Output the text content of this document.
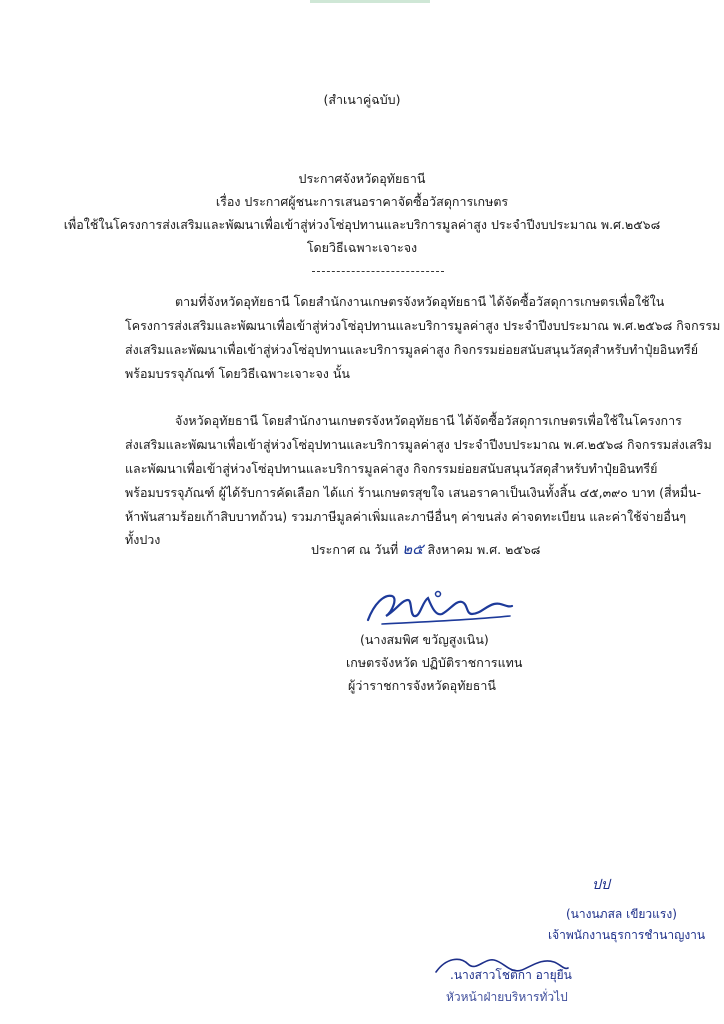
(สำเนาคู่ฉบับ)
ประกาศจังหวัดอุทัยธานี
เรื่อง ประกาศผู้ชนะการเสนอราคาจัดซื้อวัสดุการเกษตร
เพื่อใช้ในโครงการส่งเสริมและพัฒนาเพื่อเข้าสู่ห่วงโซ่อุปทานและบริการมูลค่าสูง ประจำปีงบประมาณ พ.ศ.๒๕๖๘
โดยวิธีเฉพาะเจาะจง
ตามที่จังหวัดอุทัยธานี โดยสำนักงานเกษตรจังหวัดอุทัยธานี ได้จัดซื้อวัสดุการเกษตรเพื่อใช้ใน
โครงการส่งเสริมและพัฒนาเพื่อเข้าสู่ห่วงโซ่อุปทานและบริการมูลค่าสูง ประจำปีงบประมาณ พ.ศ.๒๕๖๘ กิจกรรม
ส่งเสริมและพัฒนาเพื่อเข้าสู่ห่วงโซ่อุปทานและบริการมูลค่าสูง กิจกรรมย่อยสนับสนุนวัสดุสำหรับทำปุ๋ยอินทรีย์
พร้อมบรรจุภัณฑ์ โดยวิธีเฉพาะเจาะจง นั้น
จังหวัดอุทัยธานี โดยสำนักงานเกษตรจังหวัดอุทัยธานี ได้จัดซื้อวัสดุการเกษตรเพื่อใช้ในโครงการ
ส่งเสริมและพัฒนาเพื่อเข้าสู่ห่วงโซ่อุปทานและบริการมูลค่าสูง ประจำปีงบประมาณ พ.ศ.๒๕๖๘ กิจกรรมส่งเสริม
และพัฒนาเพื่อเข้าสู่ห่วงโซ่อุปทานและบริการมูลค่าสูง กิจกรรมย่อยสนับสนุนวัสดุสำหรับทำปุ๋ยอินทรีย์
พร้อมบรรจุภัณฑ์ ผู้ได้รับการคัดเลือก ได้แก่ ร้านเกษตรสุขใจ เสนอราคาเป็นเงินทั้งสิ้น ๔๕,๓๙๐ บาท (สี่หมื่น-
ห้าพันสามร้อยเก้าสิบบาทถ้วน) รวมภาษีมูลค่าเพิ่มและภาษีอื่นๆ ค่าขนส่ง ค่าจดทะเบียน และค่าใช้จ่ายอื่นๆ
ทั้งปวง
ประกาศ ณ วันที่ ๒๕ สิงหาคม พ.ศ. ๒๕๖๘
(นางสมพิศ ขวัญสูงเนิน)
เกษตรจังหวัด ปฏิบัติราชการแทน
ผู้ว่าราชการจังหวัดอุทัยธานี
ปป
(นางนภสล เขียวแรง)
เจ้าพนักงานธุรการชำนาญงาน
.นางสาวโชติกา อายุยืน
หัวหน้าฝ่ายบริหารทั่วไป
